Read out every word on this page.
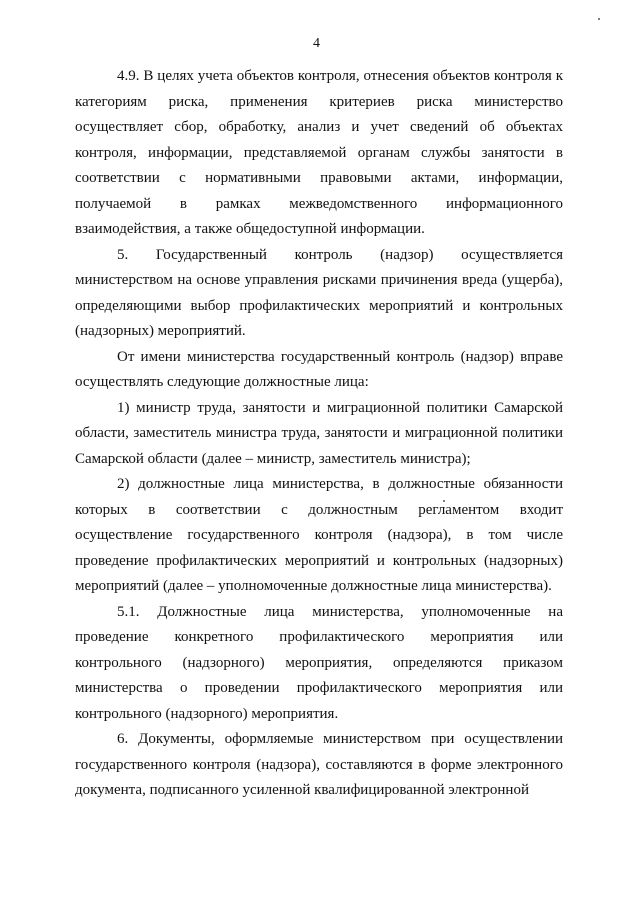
4

4.9. В целях учета объектов контроля, отнесения объектов контроля к категориям риска, применения критериев риска министерство осуществляет сбор, обработку, анализ и учет сведений об объектах контроля, информации, представляемой органам службы занятости в соответствии с нормативными правовыми актами, информации, получаемой в рамках межведомственного информационного взаимодействия, а также общедоступной информации.

5. Государственный контроль (надзор) осуществляется министерством на основе управления рисками причинения вреда (ущерба), определяющими выбор профилактических мероприятий и контрольных (надзорных) мероприятий.

От имени министерства государственный контроль (надзор) вправе осуществлять следующие должностные лица:

1) министр труда, занятости и миграционной политики Самарской области, заместитель министра труда, занятости и миграционной политики Самарской области (далее – министр, заместитель министра);

2) должностные лица министерства, в должностные обязанности которых в соответствии с должностным регламентом входит осуществление государственного контроля (надзора), в том числе проведение профилактических мероприятий и контрольных (надзорных) мероприятий (далее – уполномоченные должностные лица министерства).

5.1. Должностные лица министерства, уполномоченные на проведение конкретного профилактического мероприятия или контрольного (надзорного) мероприятия, определяются приказом министерства о проведении профилактического мероприятия или контрольного (надзорного) мероприятия.

6. Документы, оформляемые министерством при осуществлении государственного контроля (надзора), составляются в форме электронного документа, подписанного усиленной квалифицированной электронной
